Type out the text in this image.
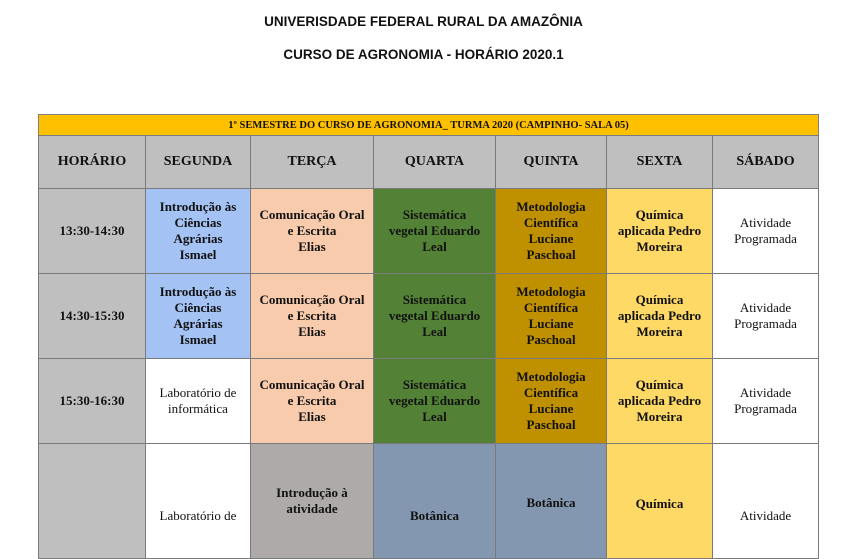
UNIVERISDADE FEDERAL RURAL DA AMAZÔNIA
CURSO DE AGRONOMIA - HORÁRIO 2020.1
1º SEMESTRE DO CURSO DE AGRONOMIA_ TURMA 2020 (CAMPINHO- SALA 05)
HORÁRIO	SEGUNDA	TERÇA	QUARTA	QUINTA	SEXTA	SÁBADO
13:30-14:30	Introdução às
Ciências
Agrárias
Ismael	Comunicação Oral
e Escrita
Elias	Sistemática
vegetal Eduardo
Leal	Metodologia
Científica
Luciane
Paschoal	Química
aplicada Pedro
Moreira	Atividade
Programada

14:30-15:30	Introdução às
Ciências
Agrárias
Ismael	Comunicação Oral
e Escrita
Elias	Sistemática
vegetal Eduardo
Leal	Metodologia
Científica
Luciane
Paschoal	Química
aplicada Pedro
Moreira	Atividade
Programada

15:30-16:30	Laboratório de
informática	Comunicação Oral
e Escrita
Elias	Sistemática
vegetal Eduardo
Leal	Metodologia
Científica
Luciane
Paschoal	Química
aplicada Pedro
Moreira	Atividade
Programada

	Laboratório de	Introdução à
atividade	Botânica	Botânica	Química	Atividade
